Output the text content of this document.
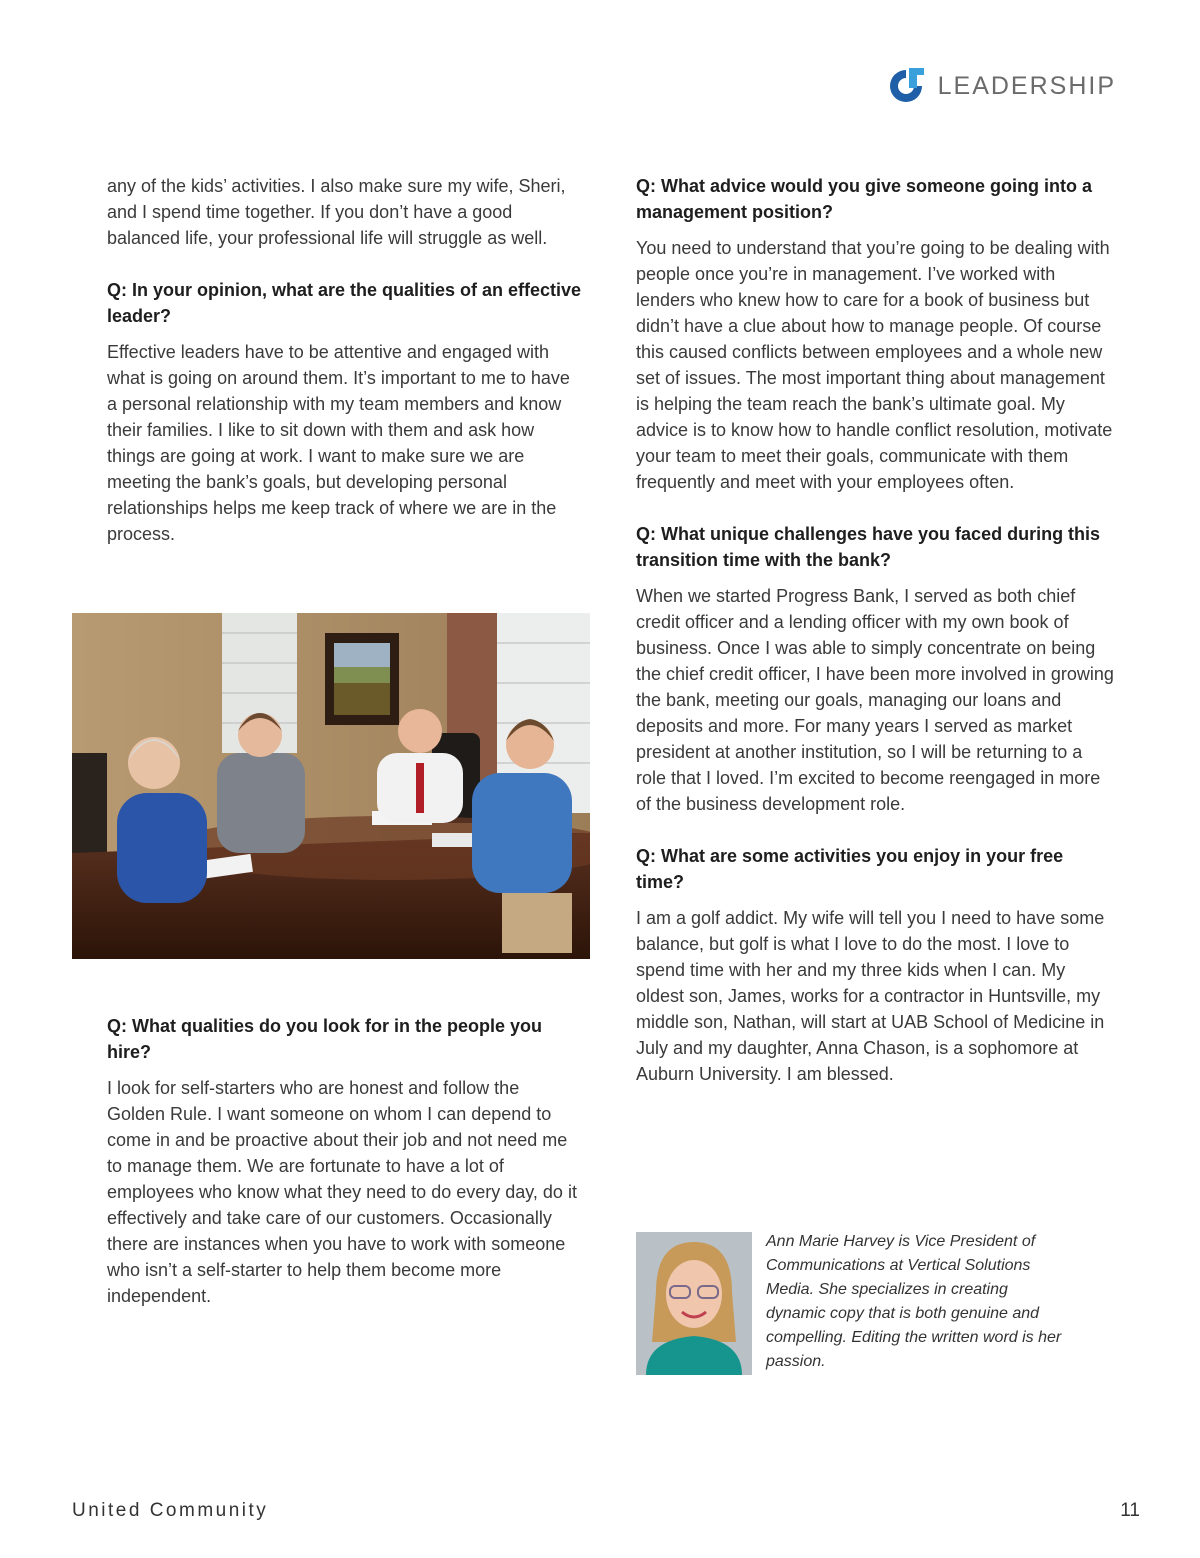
LEADERSHIP

any of the kids’ activities. I also make sure my wife, Sheri, and I spend time together. If you don’t have a good balanced life, your professional life will struggle as well.

Q: In your opinion, what are the qualities of an effective leader?

Effective leaders have to be attentive and engaged with what is going on around them. It’s important to me to have a personal relationship with my team members and know their families. I like to sit down with them and ask how things are going at work. I want to make sure we are meeting the bank’s goals, but developing personal relationships helps me keep track of where we are in the process.

Q: What qualities do you look for in the people you hire?

I look for self-starters who are honest and follow the Golden Rule. I want someone on whom I can depend to come in and be proactive about their job and not need me to manage them. We are fortunate to have a lot of employees who know what they need to do every day, do it effectively and take care of our customers. Occasionally there are instances when you have to work with someone who isn’t a self-starter to help them become more independent.

Q: What advice would you give someone going into a management position?

You need to understand that you’re going to be dealing with people once you’re in management. I’ve worked with lenders who knew how to care for a book of business but didn’t have a clue about how to manage people. Of course this caused conflicts between employees and a whole new set of issues. The most important thing about management is helping the team reach the bank’s ultimate goal. My advice is to know how to handle conflict resolution, motivate your team to meet their goals, communicate with them frequently and meet with your employees often.

Q: What unique challenges have you faced during this transition time with the bank?

When we started Progress Bank, I served as both chief credit officer and a lending officer with my own book of business. Once I was able to simply concentrate on being the chief credit officer, I have been more involved in growing the bank, meeting our goals, managing our loans and deposits and more. For many years I served as market president at another institution, so I will be returning to a role that I loved. I’m excited to become reengaged in more of the business development role.

Q: What are some activities you enjoy in your free time?

I am a golf addict. My wife will tell you I need to have some balance, but golf is what I love to do the most. I love to spend time with her and my three kids when I can. My oldest son, James, works for a contractor in Huntsville, my middle son, Nathan, will start at UAB School of Medicine in July and my daughter, Anna Chason, is a sophomore at Auburn University. I am blessed.

Ann Marie Harvey is Vice President of Communications at Vertical Solutions Media. She specializes in creating dynamic copy that is both genuine and compelling. Editing the written word is her passion.

United Community	11
